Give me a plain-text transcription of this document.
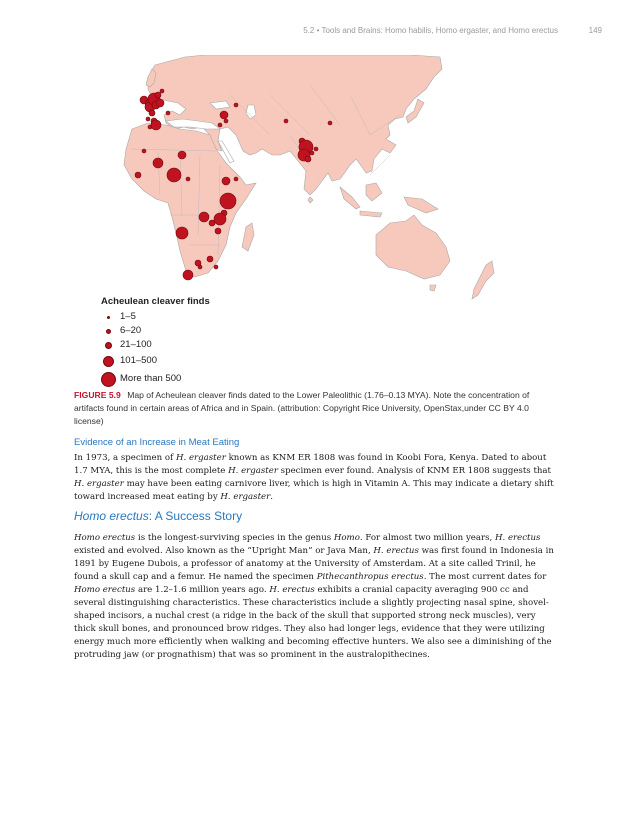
5.2 • Tools and Brains: Homo habilis, Homo ergaster, and Homo erectus	149
Acheulean cleaver finds
1–5
6–20
21–100
101–500
More than 500
FIGURE 5.9 Map of Acheulean cleaver finds dated to the Lower Paleolithic (1.76–0.13 MYA). Note the concentration of artifacts found in certain areas of Africa and in Spain. (attribution: Copyright Rice University, OpenStax,under CC BY 4.0 license)
Evidence of an Increase in Meat Eating
In 1973, a specimen of H. ergaster known as KNM ER 1808 was found in Koobi Fora, Kenya. Dated to about 1.7 MYA, this is the most complete H. ergaster specimen ever found. Analysis of KNM ER 1808 suggests that H. ergaster may have been eating carnivore liver, which is high in Vitamin A. This may indicate a dietary shift toward increased meat eating by H. ergaster.
Homo erectus: A Success Story
Homo erectus is the longest-surviving species in the genus Homo. For almost two million years, H. erectus existed and evolved. Also known as the “Upright Man” or Java Man, H. erectus was first found in Indonesia in 1891 by Eugene Dubois, a professor of anatomy at the University of Amsterdam. At a site called Trinil, he found a skull cap and a femur. He named the specimen Pithecanthropus erectus. The most current dates for Homo erectus are 1.2–1.6 million years ago. H. erectus exhibits a cranial capacity averaging 900 cc and several distinguishing characteristics. These characteristics include a slightly projecting nasal spine, shovel-shaped incisors, a nuchal crest (a ridge in the back of the skull that supported strong neck muscles), very thick skull bones, and pronounced brow ridges. They also had longer legs, evidence that they were utilizing energy much more efficiently when walking and becoming effective hunters. We also see a diminishing of the protruding jaw (or prognathism) that was so prominent in the australopithecines.
